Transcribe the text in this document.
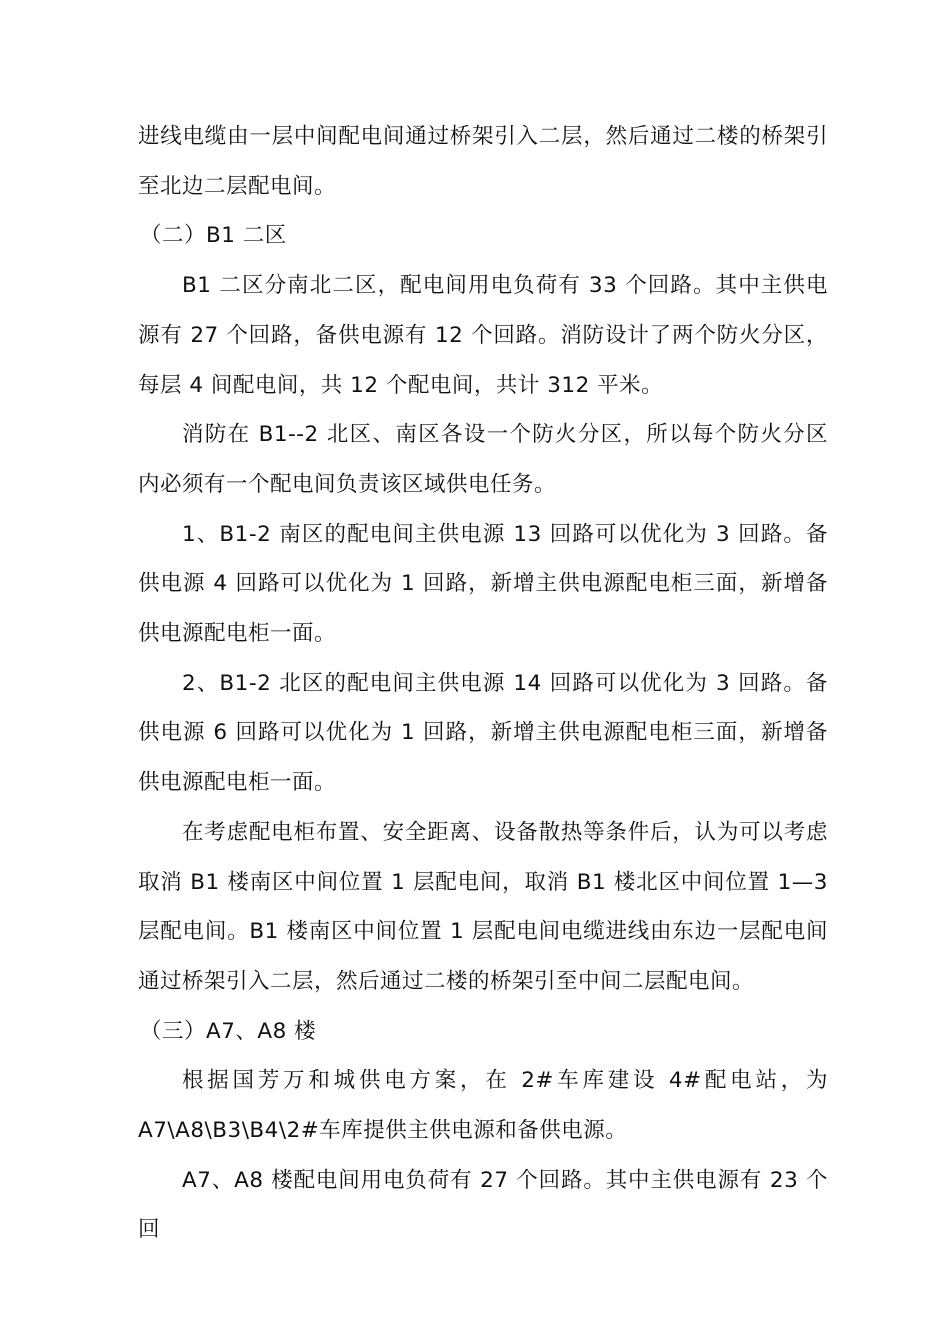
进线电缆由一层中间配电间通过桥架引入二层，然后通过二楼的桥架引至北边二层配电间。

（二）B1 二区

B1 二区分南北二区，配电间用电负荷有 33 个回路。其中主供电源有 27 个回路，备供电源有 12 个回路。消防设计了两个防火分区，每层 4 间配电间，共 12 个配电间，共计 312 平米。

消防在 B1--2 北区、南区各设一个防火分区，所以每个防火分区内必须有一个配电间负责该区域供电任务。

1、B1-2 南区的配电间主供电源 13 回路可以优化为 3 回路。备供电源 4 回路可以优化为 1 回路，新增主供电源配电柜三面，新增备供电源配电柜一面。

2、B1-2 北区的配电间主供电源 14 回路可以优化为 3 回路。备供电源 6 回路可以优化为 1 回路，新增主供电源配电柜三面，新增备供电源配电柜一面。

在考虑配电柜布置、安全距离、设备散热等条件后，认为可以考虑取消 B1 楼南区中间位置 1 层配电间，取消 B1 楼北区中间位置 1—3 层配电间。B1 楼南区中间位置 1 层配电间电缆进线由东边一层配电间通过桥架引入二层，然后通过二楼的桥架引至中间二层配电间。

（三）A7、A8 楼

根据国芳万和城供电方案，在 2#车库建设 4#配电站，为 A7\A8\B3\B4\2#车库提供主供电源和备供电源。

A7、A8 楼配电间用电负荷有 27 个回路。其中主供电源有 23 个回
